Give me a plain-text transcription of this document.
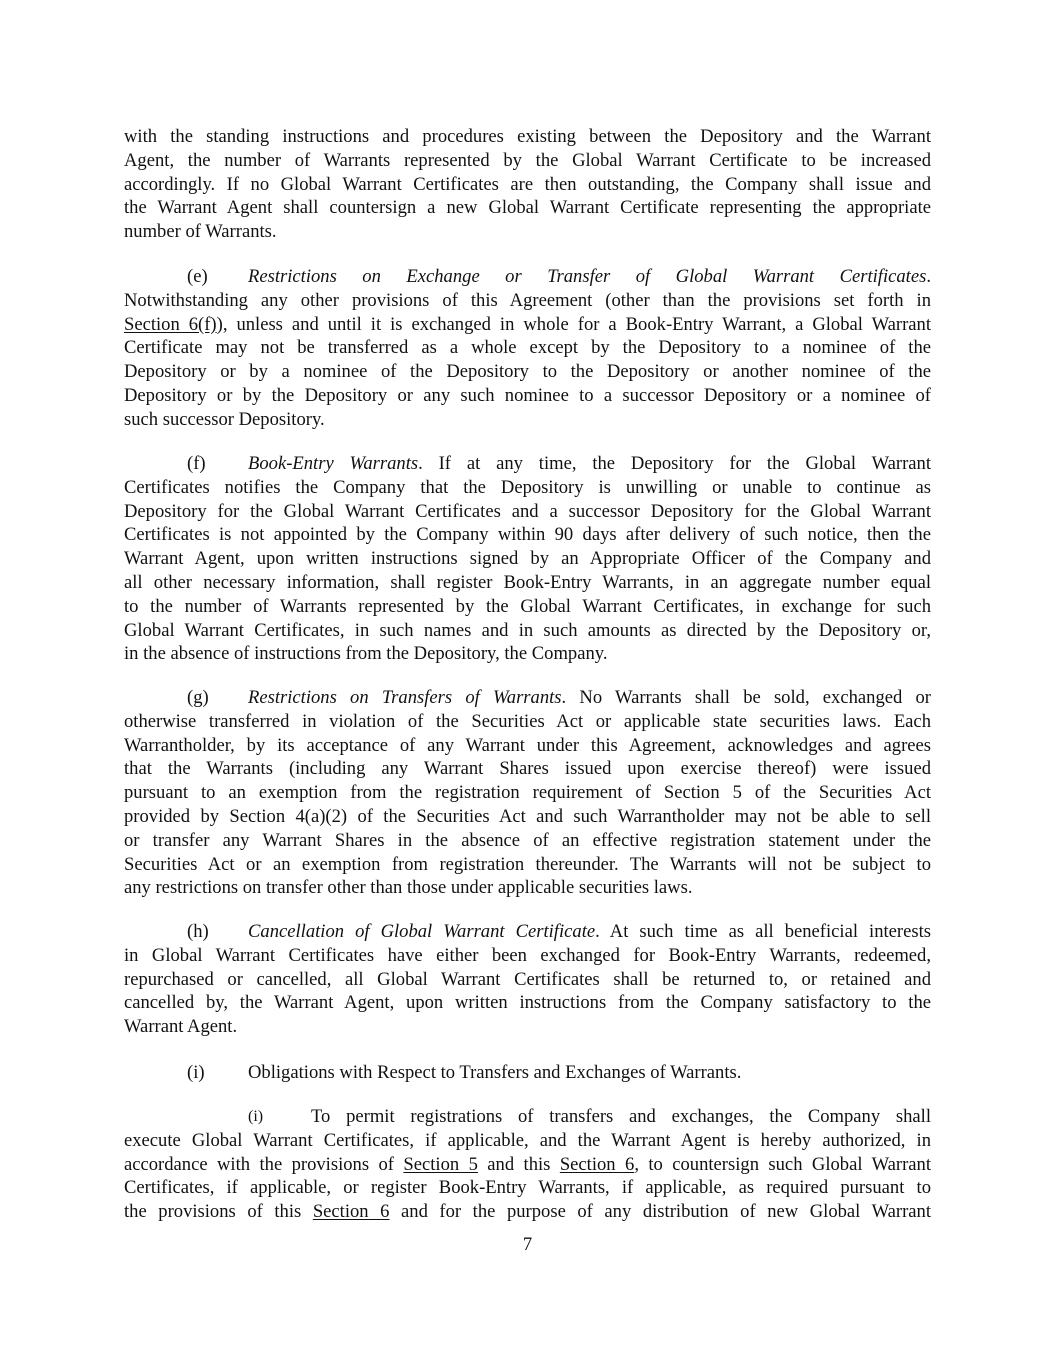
with the standing instructions and procedures existing between the Depository and the Warrant
Agent, the number of Warrants represented by the Global Warrant Certificate to be increased
accordingly. If no Global Warrant Certificates are then outstanding, the Company shall issue and
the Warrant Agent shall countersign a new Global Warrant Certificate representing the appropriate
number of Warrants.
(e) Restrictions on Exchange or Transfer of Global Warrant Certificates.
Notwithstanding any other provisions of this Agreement (other than the provisions set forth in
Section 6(f)), unless and until it is exchanged in whole for a Book-Entry Warrant, a Global Warrant
Certificate may not be transferred as a whole except by the Depository to a nominee of the
Depository or by a nominee of the Depository to the Depository or another nominee of the
Depository or by the Depository or any such nominee to a successor Depository or a nominee of
such successor Depository.
(f) Book-Entry Warrants. If at any time, the Depository for the Global Warrant
Certificates notifies the Company that the Depository is unwilling or unable to continue as
Depository for the Global Warrant Certificates and a successor Depository for the Global Warrant
Certificates is not appointed by the Company within 90 days after delivery of such notice, then the
Warrant Agent, upon written instructions signed by an Appropriate Officer of the Company and
all other necessary information, shall register Book-Entry Warrants, in an aggregate number equal
to the number of Warrants represented by the Global Warrant Certificates, in exchange for such
Global Warrant Certificates, in such names and in such amounts as directed by the Depository or,
in the absence of instructions from the Depository, the Company.
(g) Restrictions on Transfers of Warrants. No Warrants shall be sold, exchanged or
otherwise transferred in violation of the Securities Act or applicable state securities laws. Each
Warrantholder, by its acceptance of any Warrant under this Agreement, acknowledges and agrees
that the Warrants (including any Warrant Shares issued upon exercise thereof) were issued
pursuant to an exemption from the registration requirement of Section 5 of the Securities Act
provided by Section 4(a)(2) of the Securities Act and such Warrantholder may not be able to sell
or transfer any Warrant Shares in the absence of an effective registration statement under the
Securities Act or an exemption from registration thereunder. The Warrants will not be subject to
any restrictions on transfer other than those under applicable securities laws.
(h) Cancellation of Global Warrant Certificate. At such time as all beneficial interests
in Global Warrant Certificates have either been exchanged for Book-Entry Warrants, redeemed,
repurchased or cancelled, all Global Warrant Certificates shall be returned to, or retained and
cancelled by, the Warrant Agent, upon written instructions from the Company satisfactory to the
Warrant Agent.
(i) Obligations with Respect to Transfers and Exchanges of Warrants.
(i)	To permit registrations of transfers and exchanges, the Company shall
execute Global Warrant Certificates, if applicable, and the Warrant Agent is hereby authorized, in
accordance with the provisions of Section 5 and this Section 6, to countersign such Global Warrant
Certificates, if applicable, or register Book-Entry Warrants, if applicable, as required pursuant to
the provisions of this Section 6 and for the purpose of any distribution of new Global Warrant
7
